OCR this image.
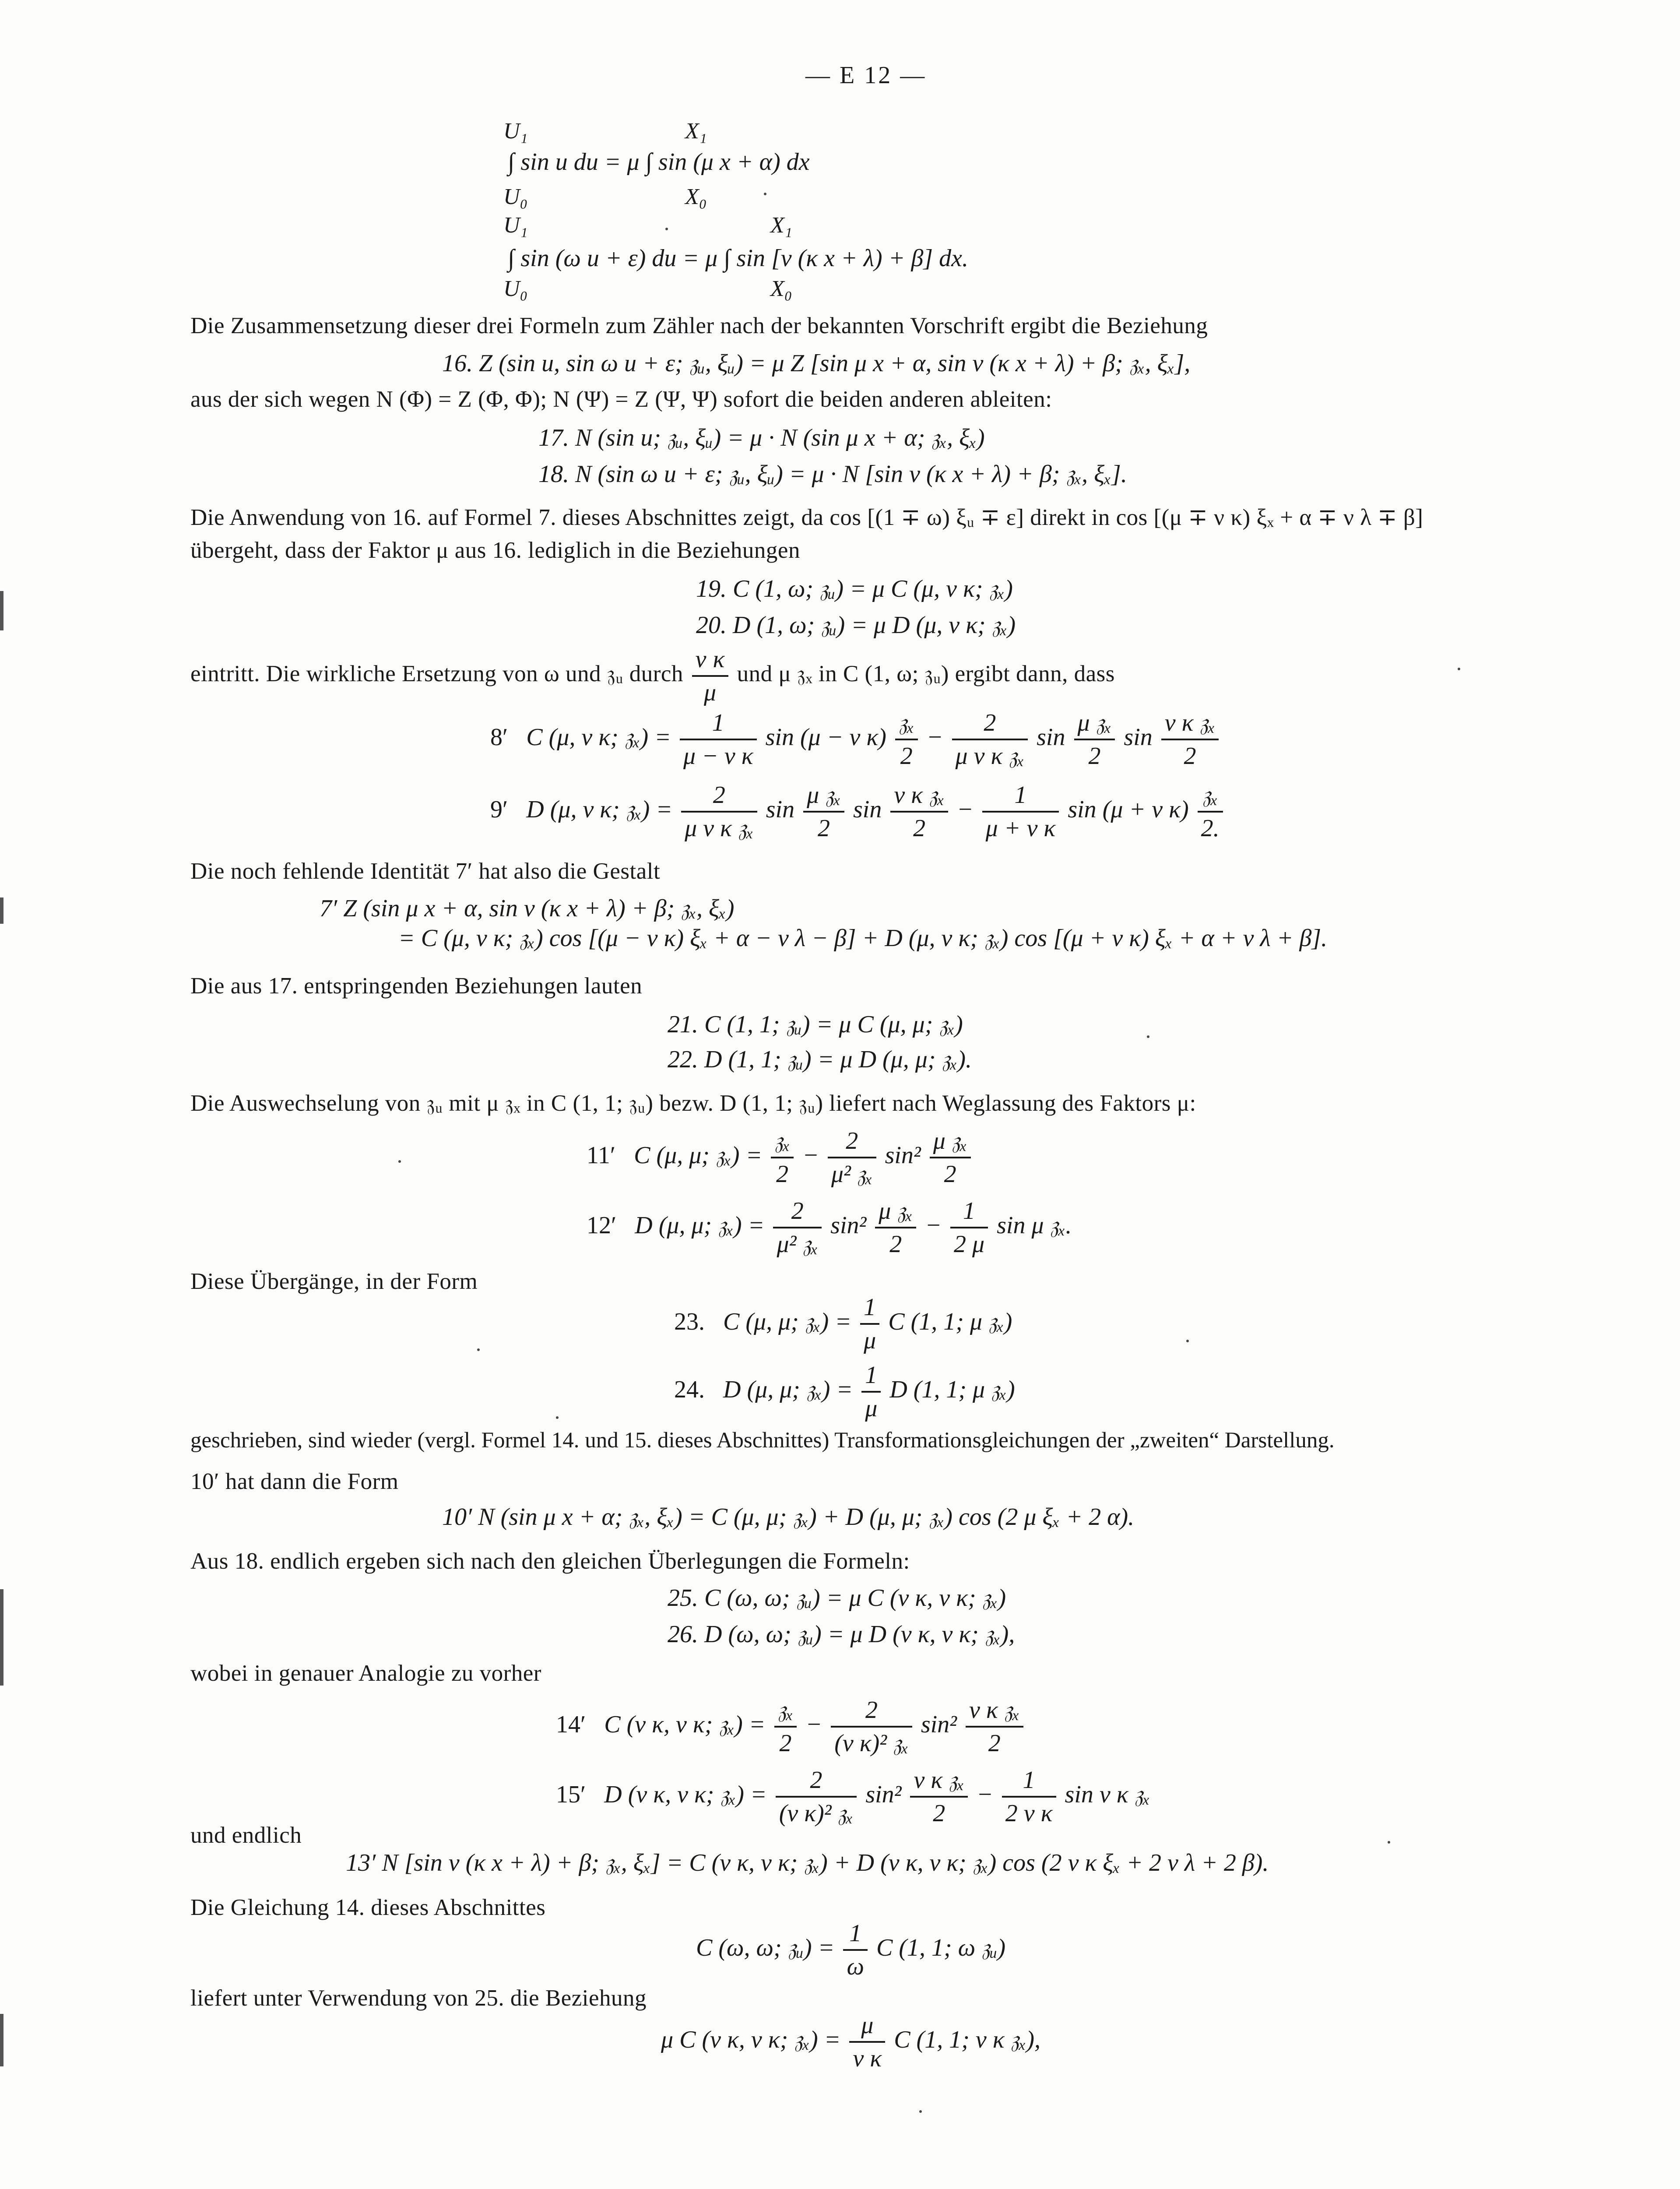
— E 12 —
U₁
U₀
X₁
X₀
∫ sin u du = μ ∫ sin (μ x + α) dx
U₁
U₀
X₁
X₀
∫ sin (ω u + ε) du = μ ∫ sin [ν (κ x + λ) + β] dx.
Die Zusammensetzung dieser drei Formeln zum Zähler nach der bekannten Vorschrift ergibt die Beziehung
16. Z (sin u, sin ω u + ε; 𝔷ᵤ, ξᵤ) = μ Z [sin μ x + α, sin ν (κ x + λ) + β; 𝔷ₓ, ξₓ],
aus der sich wegen N (Φ) = Z (Φ, Φ); N (Ψ) = Z (Ψ, Ψ) sofort die beiden anderen ableiten:
17. N (sin u; 𝔷ᵤ, ξᵤ) = μ · N (sin μ x + α; 𝔷ₓ, ξₓ)
18. N (sin ω u + ε; 𝔷ᵤ, ξᵤ) = μ · N [sin ν (κ x + λ) + β; 𝔷ₓ, ξₓ].
Die Anwendung von 16. auf Formel 7. dieses Abschnittes zeigt, da cos [(1 ∓ ω) ξᵤ ∓ ε] direkt in cos [(μ ∓ ν κ) ξₓ + α ∓ ν λ ∓ β]
übergeht, dass der Faktor μ aus 16. lediglich in die Beziehungen
19. C (1, ω; 𝔷ᵤ) = μ C (μ, ν κ; 𝔷ₓ)
20. D (1, ω; 𝔷ᵤ) = μ D (μ, ν κ; 𝔷ₓ)
eintritt. Die wirkliche Ersetzung von ω und 𝔷ᵤ durch $\frac{\text{ν κ}}{\mu}$ und μ 𝔷ₓ in C (1, ω; 𝔷ᵤ) ergibt dann, dass
8′ C (μ, ν κ; 𝔷ₓ) = $\frac{1}{\text{μ − ν κ}}$ sin (μ − ν $\kappa) \frac{\text{𝔷ₓ}}{2} - \frac{2}{\text{μ ν κ 𝔷ₓ}}$ $\sin \frac{\text{μ 𝔷ₓ}}{2}$ $\sin \frac{\text{ν κ 𝔷ₓ}}{2}$
9′ D (μ, ν κ; 𝔷ₓ) = $\frac{2}{\text{μ ν κ 𝔷ₓ}}$ $\sin \frac{\text{μ 𝔷ₓ}}{2}$ $\sin \frac{\text{ν κ 𝔷ₓ}}{2} - \frac{1}{\text{μ + ν κ}}$ sin (μ + ν $\kappa) \frac{\text{𝔷ₓ}}{2.}$
Die noch fehlende Identität 7′ hat also die Gestalt
7′ Z (sin μ x + α, sin ν (κ x + λ) + β; 𝔷ₓ, ξₓ)
= C (μ, ν κ; 𝔷ₓ) cos [(μ − ν κ) ξₓ + α − ν λ − β] + D (μ, ν κ; 𝔷ₓ) cos [(μ + ν κ) ξₓ + α + ν λ + β].
Die aus 17. entspringenden Beziehungen lauten
21. C (1, 1; 𝔷ᵤ) = μ C (μ, μ; 𝔷ₓ)
22. D (1, 1; 𝔷ᵤ) = μ D (μ, μ; 𝔷ₓ).
Die Auswechselung von 𝔷ᵤ mit μ 𝔷ₓ in C (1, 1; 𝔷ᵤ) bezw. D (1, 1; 𝔷ᵤ) liefert nach Weglassung des Faktors μ:
11′ C (μ, μ; 𝔷ₓ) = $\frac{\text{𝔷ₓ}}{2} - \frac{2}{\text{μ² 𝔷ₓ}} \sin^2 \frac{\text{μ 𝔷ₓ}}{2}$
12′ D (μ, μ; 𝔷ₓ) = $\frac{2}{\text{μ² 𝔷ₓ}} \sin^2 \frac{\text{μ 𝔷ₓ}}{2} - \frac{1}{2 \mu}$ sin μ 𝔷ₓ.
Diese Übergänge, in der Form
23. C (μ, μ; 𝔷ₓ) = $\frac{1}{\mu}$ C (1, 1; μ 𝔷ₓ)
24. D (μ, μ; 𝔷ₓ) = $\frac{1}{\mu}$ D (1, 1; μ 𝔷ₓ)
geschrieben, sind wieder (vergl. Formel 14. und 15. dieses Abschnittes) Transformationsgleichungen der „zweiten“ Darstellung.
10′ hat dann die Form
10′ N (sin μ x + α; 𝔷ₓ, ξₓ) = C (μ, μ; 𝔷ₓ) + D (μ, μ; 𝔷ₓ) cos (2 μ ξₓ + 2 α).
Aus 18. endlich ergeben sich nach den gleichen Überlegungen die Formeln:
25. C (ω, ω; 𝔷ᵤ) = μ C (ν κ, ν κ; 𝔷ₓ)
26. D (ω, ω; 𝔷ᵤ) = μ D (ν κ, ν κ; 𝔷ₓ),
wobei in genauer Analogie zu vorher
14′ C (ν κ, ν κ; 𝔷ₓ) = $\frac{\text{𝔷ₓ}}{2} - \frac{2}{\text{(ν κ)² 𝔷ₓ}} \sin^2 \frac{\text{ν κ 𝔷ₓ}}{2}$
15′ D (ν κ, ν κ; 𝔷ₓ) = $\frac{2}{\text{(ν κ)² 𝔷ₓ}} \sin^2 \frac{\text{ν κ 𝔷ₓ}}{2} - \frac{1}{\text{2 ν κ}}$ sin ν κ 𝔷ₓ
und endlich
13′ N [sin ν (κ x + λ) + β; 𝔷ₓ, ξₓ] = C (ν κ, ν κ; 𝔷ₓ) + D (ν κ, ν κ; 𝔷ₓ) cos (2 ν κ ξₓ + 2 ν λ + 2 β).
Die Gleichung 14. dieses Abschnittes
C (ω, ω; 𝔷ᵤ) = $\frac{1}{\omega}$ C (1, 1; ω 𝔷ᵤ)
liefert unter Verwendung von 25. die Beziehung
μ C (ν κ, ν κ; 𝔷ₓ) = $\frac{\mu}{\text{ν κ}}$ C (1, 1; ν κ 𝔷ₓ),
